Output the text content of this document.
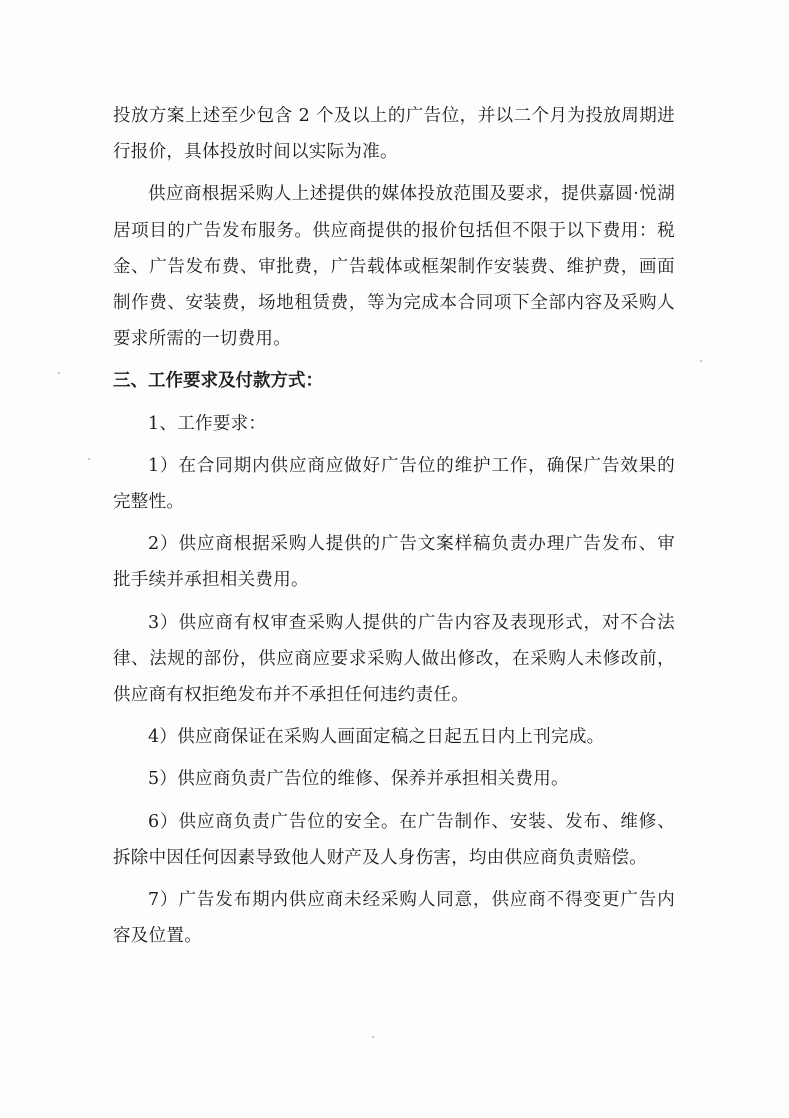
投放方案上述至少包含 2 个及以上的广告位，并以二个月为投放周期进行报价，具体投放时间以实际为准。

供应商根据采购人上述提供的媒体投放范围及要求，提供嘉圆·悦湖居项目的广告发布服务。供应商提供的报价包括但不限于以下费用：税金、广告发布费、审批费，广告载体或框架制作安装费、维护费，画面制作费、安装费，场地租赁费，等为完成本合同项下全部内容及采购人要求所需的一切费用。

三、工作要求及付款方式：

1、工作要求：

1）在合同期内供应商应做好广告位的维护工作，确保广告效果的完整性。

2）供应商根据采购人提供的广告文案样稿负责办理广告发布、审批手续并承担相关费用。

3）供应商有权审查采购人提供的广告内容及表现形式，对不合法律、法规的部份，供应商应要求采购人做出修改，在采购人未修改前，供应商有权拒绝发布并不承担任何违约责任。

4）供应商保证在采购人画面定稿之日起五日内上刊完成。

5）供应商负责广告位的维修、保养并承担相关费用。

6）供应商负责广告位的安全。在广告制作、安装、发布、维修、拆除中因任何因素导致他人财产及人身伤害，均由供应商负责赔偿。

7）广告发布期内供应商未经采购人同意，供应商不得变更广告内容及位置。
